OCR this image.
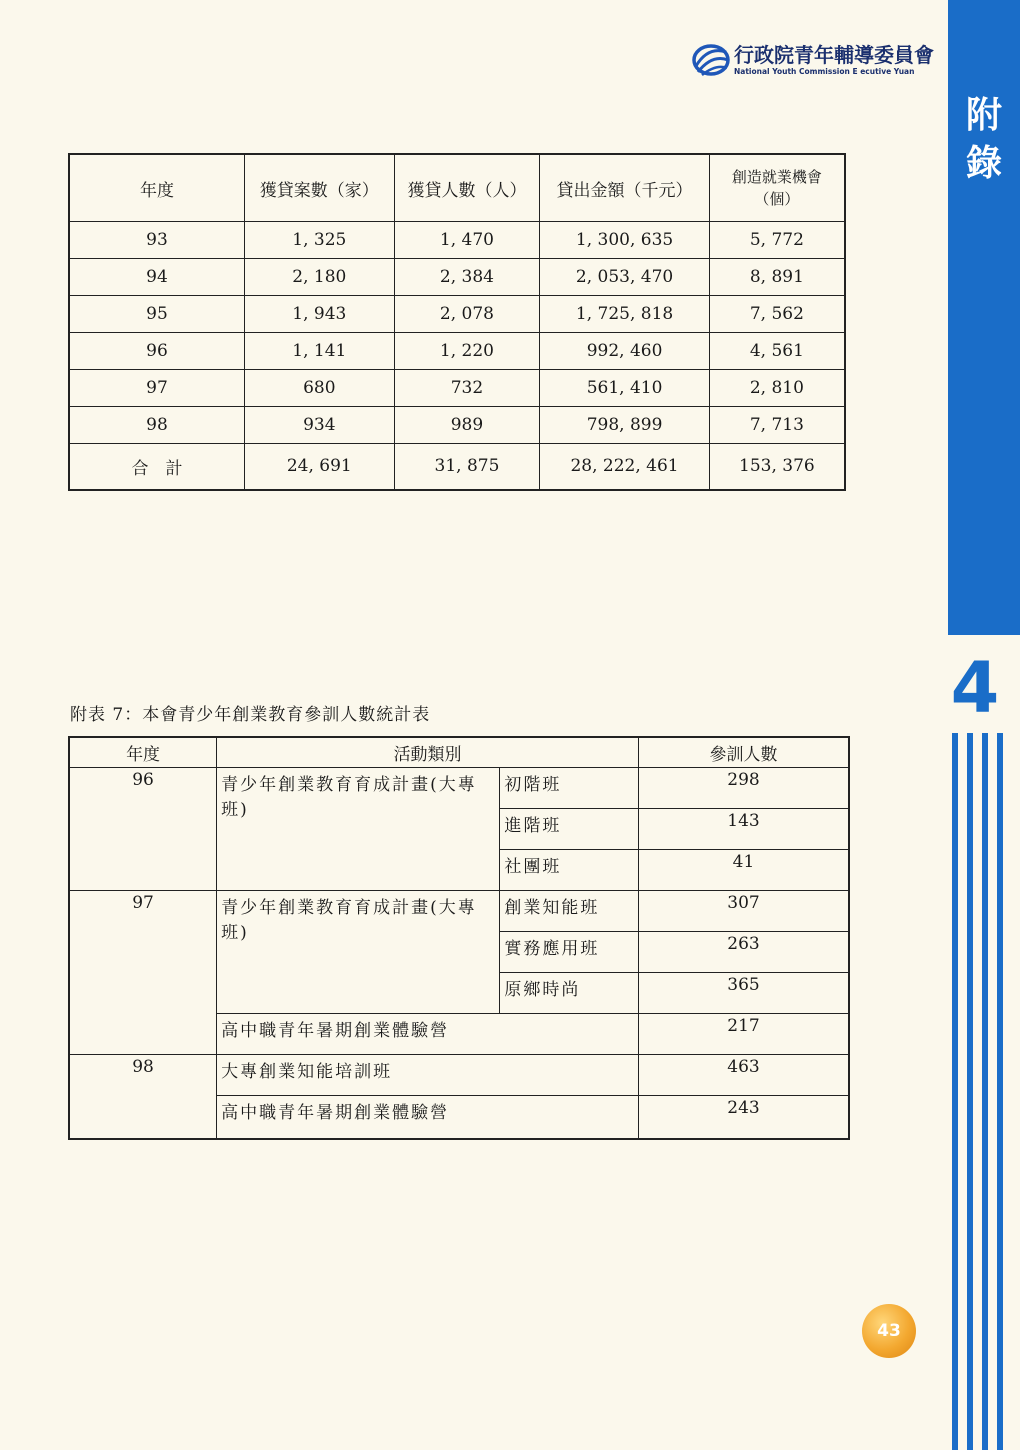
附
錄
4
行政院青年輔導委員會
National Youth Commission E ecutive Yuan
年度	獲貸案數（家）	獲貸人數（人）	貸出金額（千元）	創造就業機會
（個）

93	1, 325	1, 470	1, 300, 635	5, 772
94	2, 180	2, 384	2, 053, 470	8, 891
95	1, 943	2, 078	1, 725, 818	7, 562
96	1, 141	1, 220	992, 460	4, 561
97	680	732	561, 410	2, 810
98	934	989	798, 899	7, 713
合　計	24, 691	31, 875	28, 222, 461	153, 376
附表 7：本會青少年創業教育參訓人數統計表
年度	活動類別		參訓人數
96	青少年創業教育育成計畫(大專班)	初階班	298
		進階班	143
		社團班	41
97	青少年創業教育育成計畫(大專班)	創業知能班	307
		實務應用班	263
		原鄉時尚	365
	高中職青年暑期創業體驗營		217
98	大專創業知能培訓班		463
	高中職青年暑期創業體驗營		243
43
